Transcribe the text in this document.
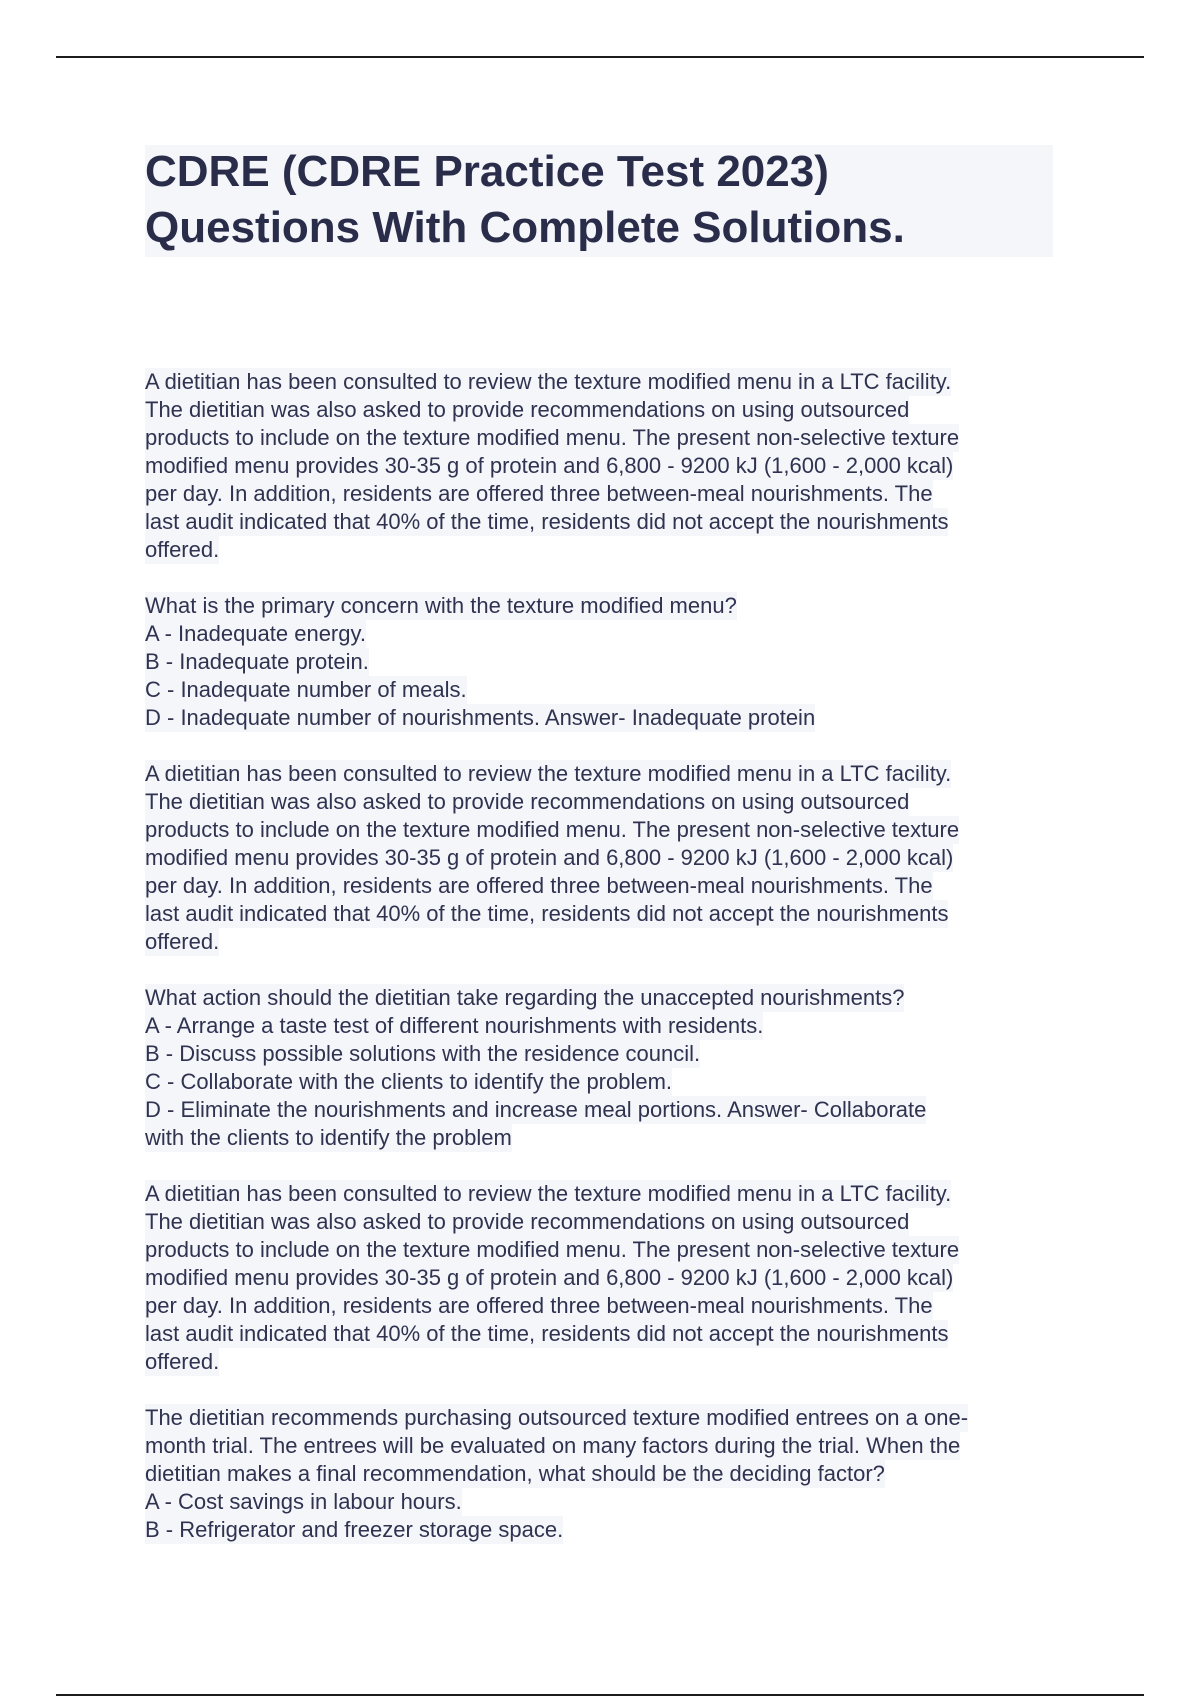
CDRE (CDRE Practice Test 2023)
Questions With Complete Solutions.
A dietitian has been consulted to review the texture modified menu in a LTC facility.
The dietitian was also asked to provide recommendations on using outsourced
products to include on the texture modified menu. The present non-selective texture
modified menu provides 30-35 g of protein and 6,800 - 9200 kJ (1,600 - 2,000 kcal)
per day. In addition, residents are offered three between-meal nourishments. The
last audit indicated that 40% of the time, residents did not accept the nourishments
offered.
What is the primary concern with the texture modified menu?
A - Inadequate energy.
B - Inadequate protein.
C - Inadequate number of meals.
D - Inadequate number of nourishments. Answer- Inadequate protein
A dietitian has been consulted to review the texture modified menu in a LTC facility.
The dietitian was also asked to provide recommendations on using outsourced
products to include on the texture modified menu. The present non-selective texture
modified menu provides 30-35 g of protein and 6,800 - 9200 kJ (1,600 - 2,000 kcal)
per day. In addition, residents are offered three between-meal nourishments. The
last audit indicated that 40% of the time, residents did not accept the nourishments
offered.
What action should the dietitian take regarding the unaccepted nourishments?
A - Arrange a taste test of different nourishments with residents.
B - Discuss possible solutions with the residence council.
C - Collaborate with the clients to identify the problem.
D - Eliminate the nourishments and increase meal portions. Answer- Collaborate
with the clients to identify the problem
A dietitian has been consulted to review the texture modified menu in a LTC facility.
The dietitian was also asked to provide recommendations on using outsourced
products to include on the texture modified menu. The present non-selective texture
modified menu provides 30-35 g of protein and 6,800 - 9200 kJ (1,600 - 2,000 kcal)
per day. In addition, residents are offered three between-meal nourishments. The
last audit indicated that 40% of the time, residents did not accept the nourishments
offered.
The dietitian recommends purchasing outsourced texture modified entrees on a one-
month trial. The entrees will be evaluated on many factors during the trial. When the
dietitian makes a final recommendation, what should be the deciding factor?
A - Cost savings in labour hours.
B - Refrigerator and freezer storage space.
